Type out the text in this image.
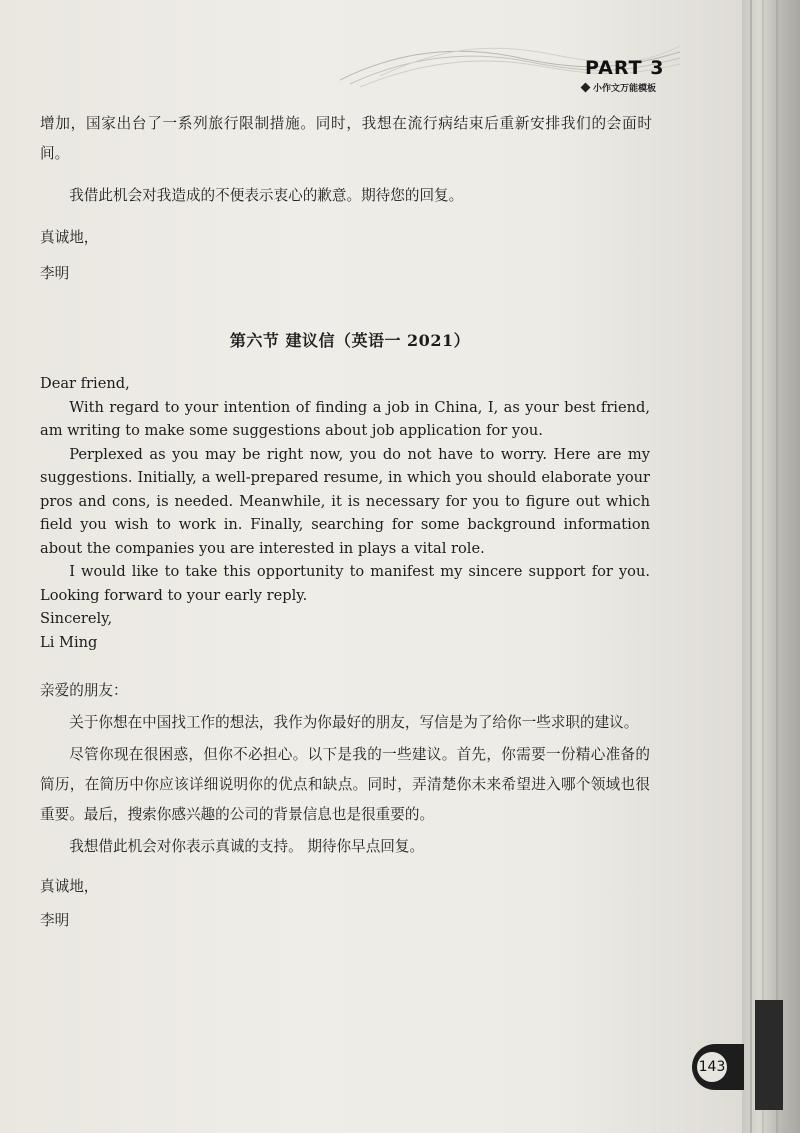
PART 3
小作文万能模板

增加，国家出台了一系列旅行限制措施。同时，我想在流行病结束后重新安排我们的会面时间。

我借此机会对我造成的不便表示衷心的歉意。期待您的回复。

真诚地，

李明

第六节 建议信（英语一 2021）

Dear friend,

With regard to your intention of finding a job in China, I, as your best friend, am writing to make some suggestions about job application for you.

Perplexed as you may be right now, you do not have to worry. Here are my suggestions. Initially, a well-prepared resume, in which you should elaborate your pros and cons, is needed. Meanwhile, it is necessary for you to figure out which field you wish to work in. Finally, searching for some background information about the companies you are interested in plays a vital role.

I would like to take this opportunity to manifest my sincere support for you. Looking forward to your early reply.

Sincerely,

Li Ming

亲爱的朋友：

关于你想在中国找工作的想法，我作为你最好的朋友，写信是为了给你一些求职的建议。

尽管你现在很困惑，但你不必担心。以下是我的一些建议。首先，你需要一份精心准备的简历，在简历中你应该详细说明你的优点和缺点。同时，弄清楚你未来希望进入哪个领域也很重要。最后，搜索你感兴趣的公司的背景信息也是很重要的。

我想借此机会对你表示真诚的支持。 期待你早点回复。

真诚地，

李明

143
